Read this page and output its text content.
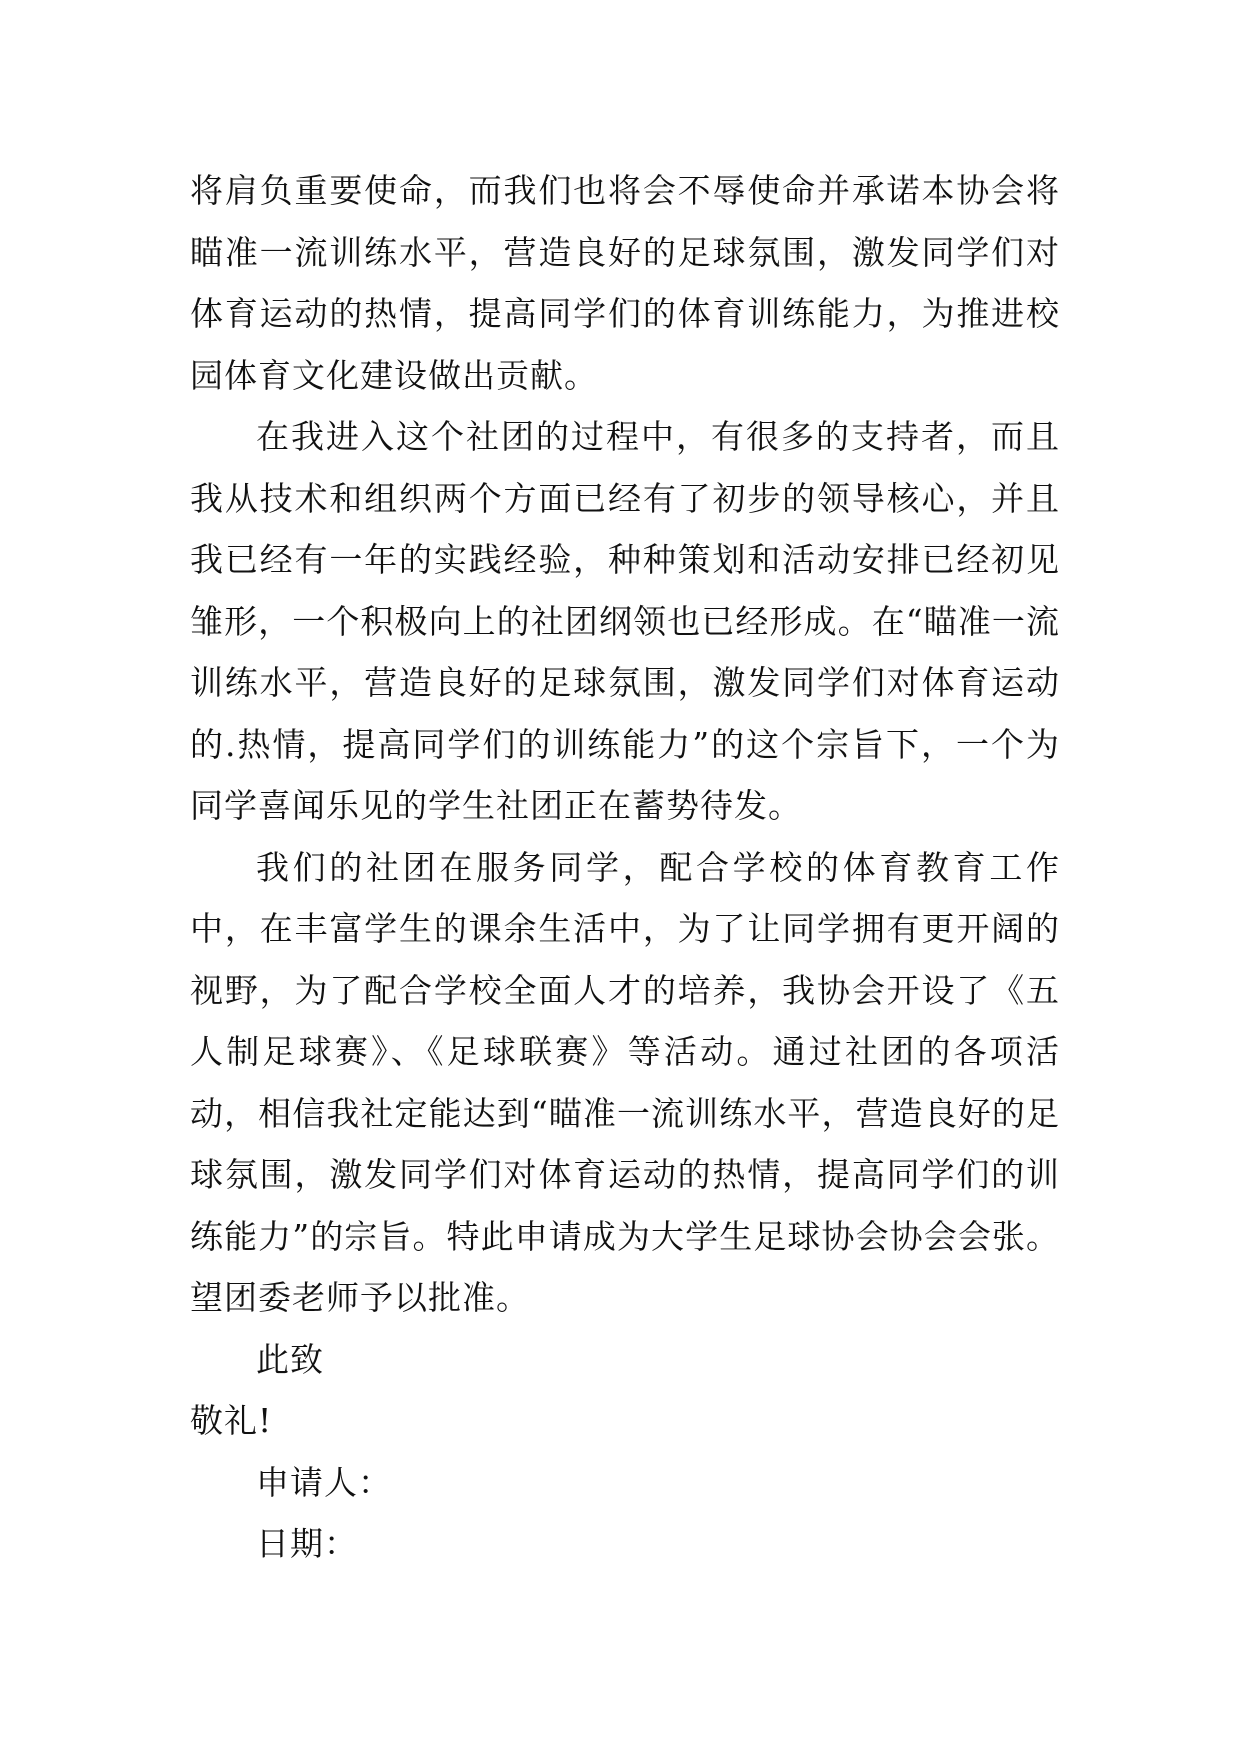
将肩负重要使命，而我们也将会不辱使命并承诺本协会将瞄准一流训练水平，营造良好的足球氛围，激发同学们对体育运动的热情，提高同学们的体育训练能力，为推进校园体育文化建设做出贡献。

在我进入这个社团的过程中，有很多的支持者，而且我从技术和组织两个方面已经有了初步的领导核心，并且我已经有一年的实践经验，种种策划和活动安排已经初见雏形，一个积极向上的社团纲领也已经形成。在“瞄准一流训练水平，营造良好的足球氛围，激发同学们对体育运动的.热情，提高同学们的训练能力”的这个宗旨下，一个为同学喜闻乐见的学生社团正在蓄势待发。

我们的社团在服务同学，配合学校的体育教育工作中，在丰富学生的课余生活中，为了让同学拥有更开阔的视野，为了配合学校全面人才的培养，我协会开设了《五人制足球赛》、《足球联赛》等活动。通过社团的各项活动，相信我社定能达到“瞄准一流训练水平，营造良好的足球氛围，激发同学们对体育运动的热情，提高同学们的训练能力”的宗旨。特此申请成为大学生足球协会协会会张。望团委老师予以批准。

此致

敬礼!

申请人：

日期：
